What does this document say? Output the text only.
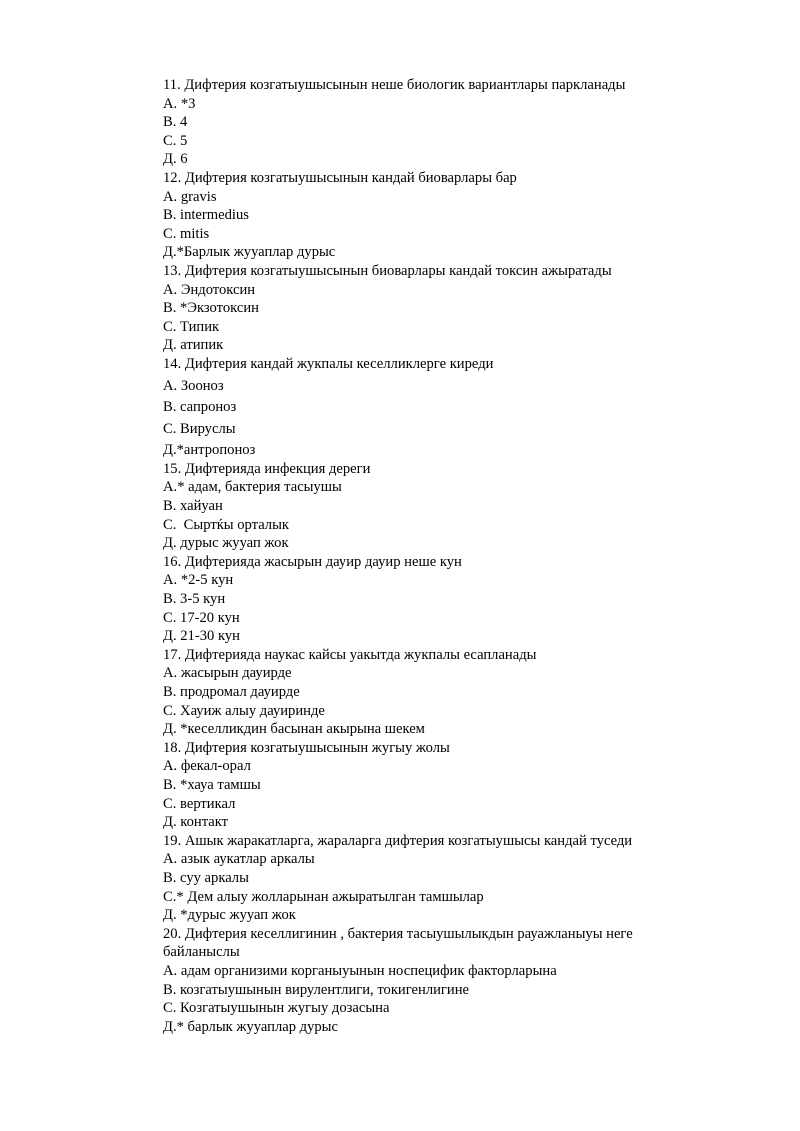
11. Дифтерия козгатыушысынын неше биологик вариантлары паркланады
А. *3
В. 4
С. 5
Д. 6
12. Дифтерия козгатыушысынын кандай биоварлары бар
А. gravis
В. intermedius
С. mitis
Д.*Барлык жууаплар дурыс
13. Дифтерия козгатыушысынын биоварлары кандай токсин ажыратады
А. Эндотоксин
В. *Экзотоксин
С. Типик
Д. атипик
14. Дифтерия кандай жукпалы кеселликлерге киреди
А. Зооноз
В. сапроноз
С. Вируслы
Д.*антропоноз
15. Дифтерияда инфекция дереги
А.* адам, бактерия тасыушы
В. хайуан
С.  Сыртќы орталык
Д. дурыс жууап жок
16. Дифтерияда жасырын дауир дауир неше кун
А. *2-5 кун
В. 3-5 кун
С. 17-20 кун
Д. 21-30 кун
17. Дифтерияда наукас кайсы уакытда жукпалы есапланады
А. жасырын дауирде
В. продромал дауирде
С. Хауиж алыу дауиринде
Д. *кеселликдин басынан акырына шекем
18. Дифтерия козгатыушысынын жугыу жолы
А. фекал-орал
В. *хауа тамшы
С. вертикал
Д. контакт
19. Ашык жаракатларга, жараларга дифтерия козгатыушысы кандай туседи
А. азык аукатлар аркалы
В. суу аркалы
С.* Дем алыу жолларынан ажыратылган тамшылар
Д. *дурыс жууап жок
20. Дифтерия кеселлигинин , бактерия тасыушылыкдын рауажланыуы неге байланыслы
А. адам организими корганыуынын носпецифик факторларына
В. козгатыушынын вирулентлиги, токигенлигине
С. Козгатыушынын жугыу дозасына
Д.* барлык жууаплар дурыс
